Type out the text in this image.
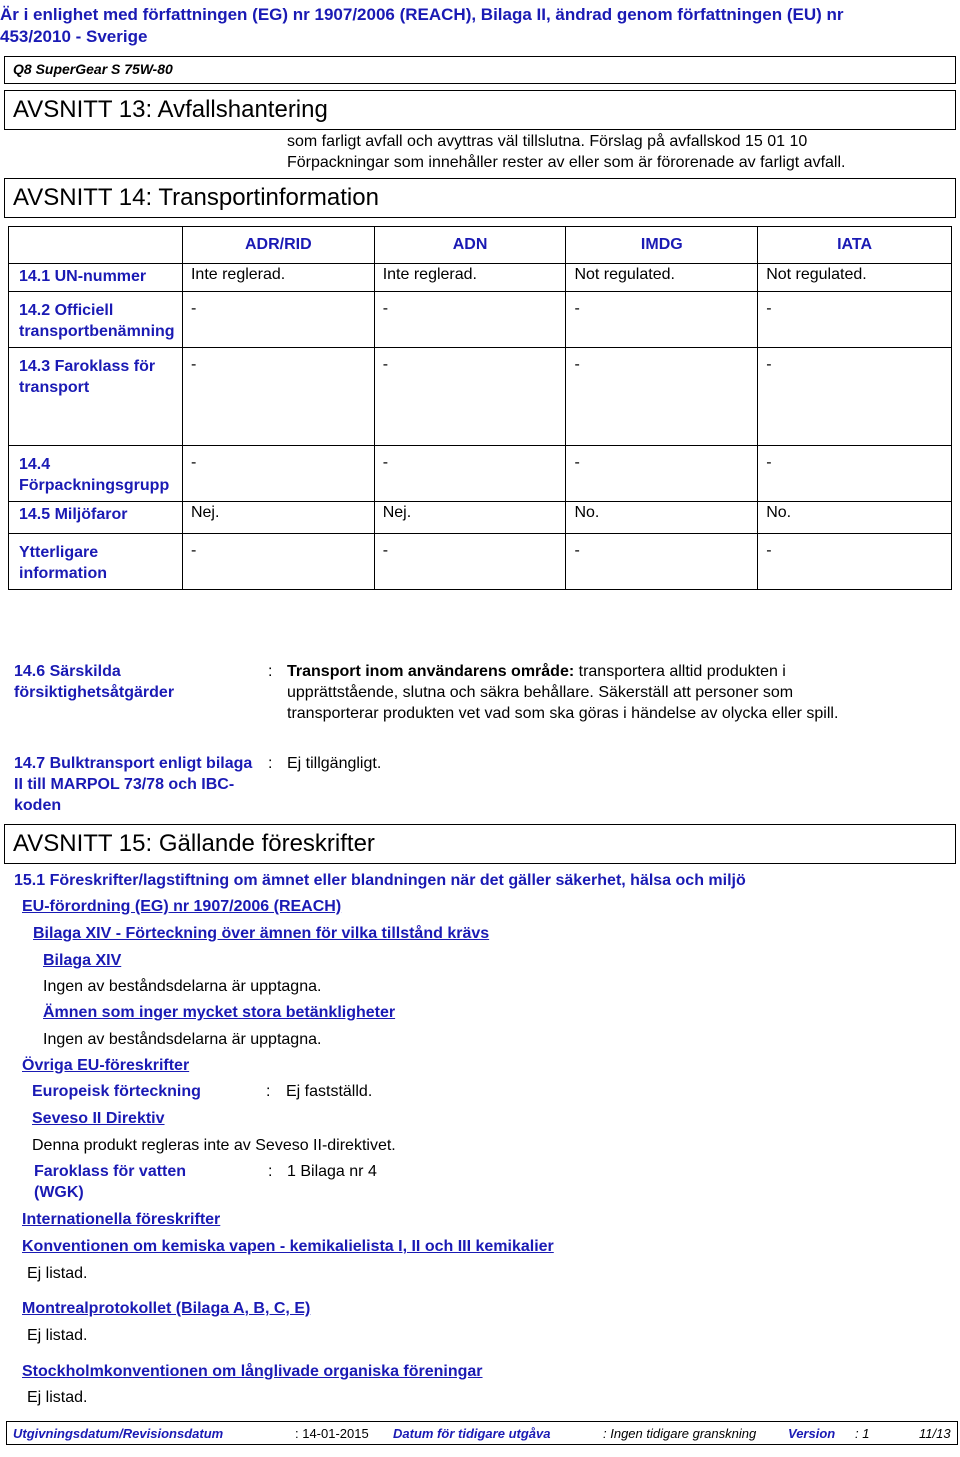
Är i enlighet med författningen (EG) nr 1907/2006 (REACH), Bilaga II, ändrad genom författningen (EU) nr
453/2010 - Sverige
Q8 SuperGear S 75W-80
AVSNITT 13: Avfallshantering
som farligt avfall och avyttras väl tillslutna. Förslag på avfallskod 15 01 10
Förpackningar som innehåller rester av eller som är förorenade av farligt avfall.
AVSNITT 14: Transportinformation
	ADR/RID	ADN	IMDG	IATA
14.1 UN-nummer	Inte reglerad.	Inte reglerad.	Not regulated.	Not regulated.
14.2 Officiell transportbenämning	-	-	-	-
14.3 Faroklass för transport	-	-	-	-
14.4 Förpackningsgrupp	-	-	-	-
14.5 Miljöfaror	Nej.	Nej.	No.	No.
Ytterligare information	-	-	-	-
14.6 Särskilda försiktighetsåtgärder
: Transport inom användarens område: transportera alltid produkten i
upprättstående, slutna och säkra behållare. Säkerställ att personer som
transporterar produkten vet vad som ska göras i händelse av olycka eller spill.
14.7 Bulktransport enligt bilaga II till MARPOL 73/78 och IBC-koden
: Ej tillgängligt.
AVSNITT 15: Gällande föreskrifter
15.1 Föreskrifter/lagstiftning om ämnet eller blandningen när det gäller säkerhet, hälsa och miljö
EU-förordning (EG) nr 1907/2006 (REACH)
Bilaga XIV - Förteckning över ämnen för vilka tillstånd krävs
Bilaga XIV
Ingen av beståndsdelarna är upptagna.
Ämnen som inger mycket stora betänkligheter
Ingen av beståndsdelarna är upptagna.
Övriga EU-föreskrifter
Europeisk förteckning	: Ej fastställd.
Seveso II Direktiv
Denna produkt regleras inte av Seveso II-direktivet.
Faroklass för vatten (WGK)
: 1 Bilaga nr 4
Internationella föreskrifter
Konventionen om kemiska vapen - kemikalielista I, II och III kemikalier
Ej listad.
Montrealprotokollet (Bilaga A, B, C, E)
Ej listad.
Stockholmkonventionen om långlivade organiska föreningar
Ej listad.
Utgivningsdatum/Revisionsdatum	: 14-01-2015 Datum för tidigare utgåva	: Ingen tidigare granskning Version : 1	11/13
